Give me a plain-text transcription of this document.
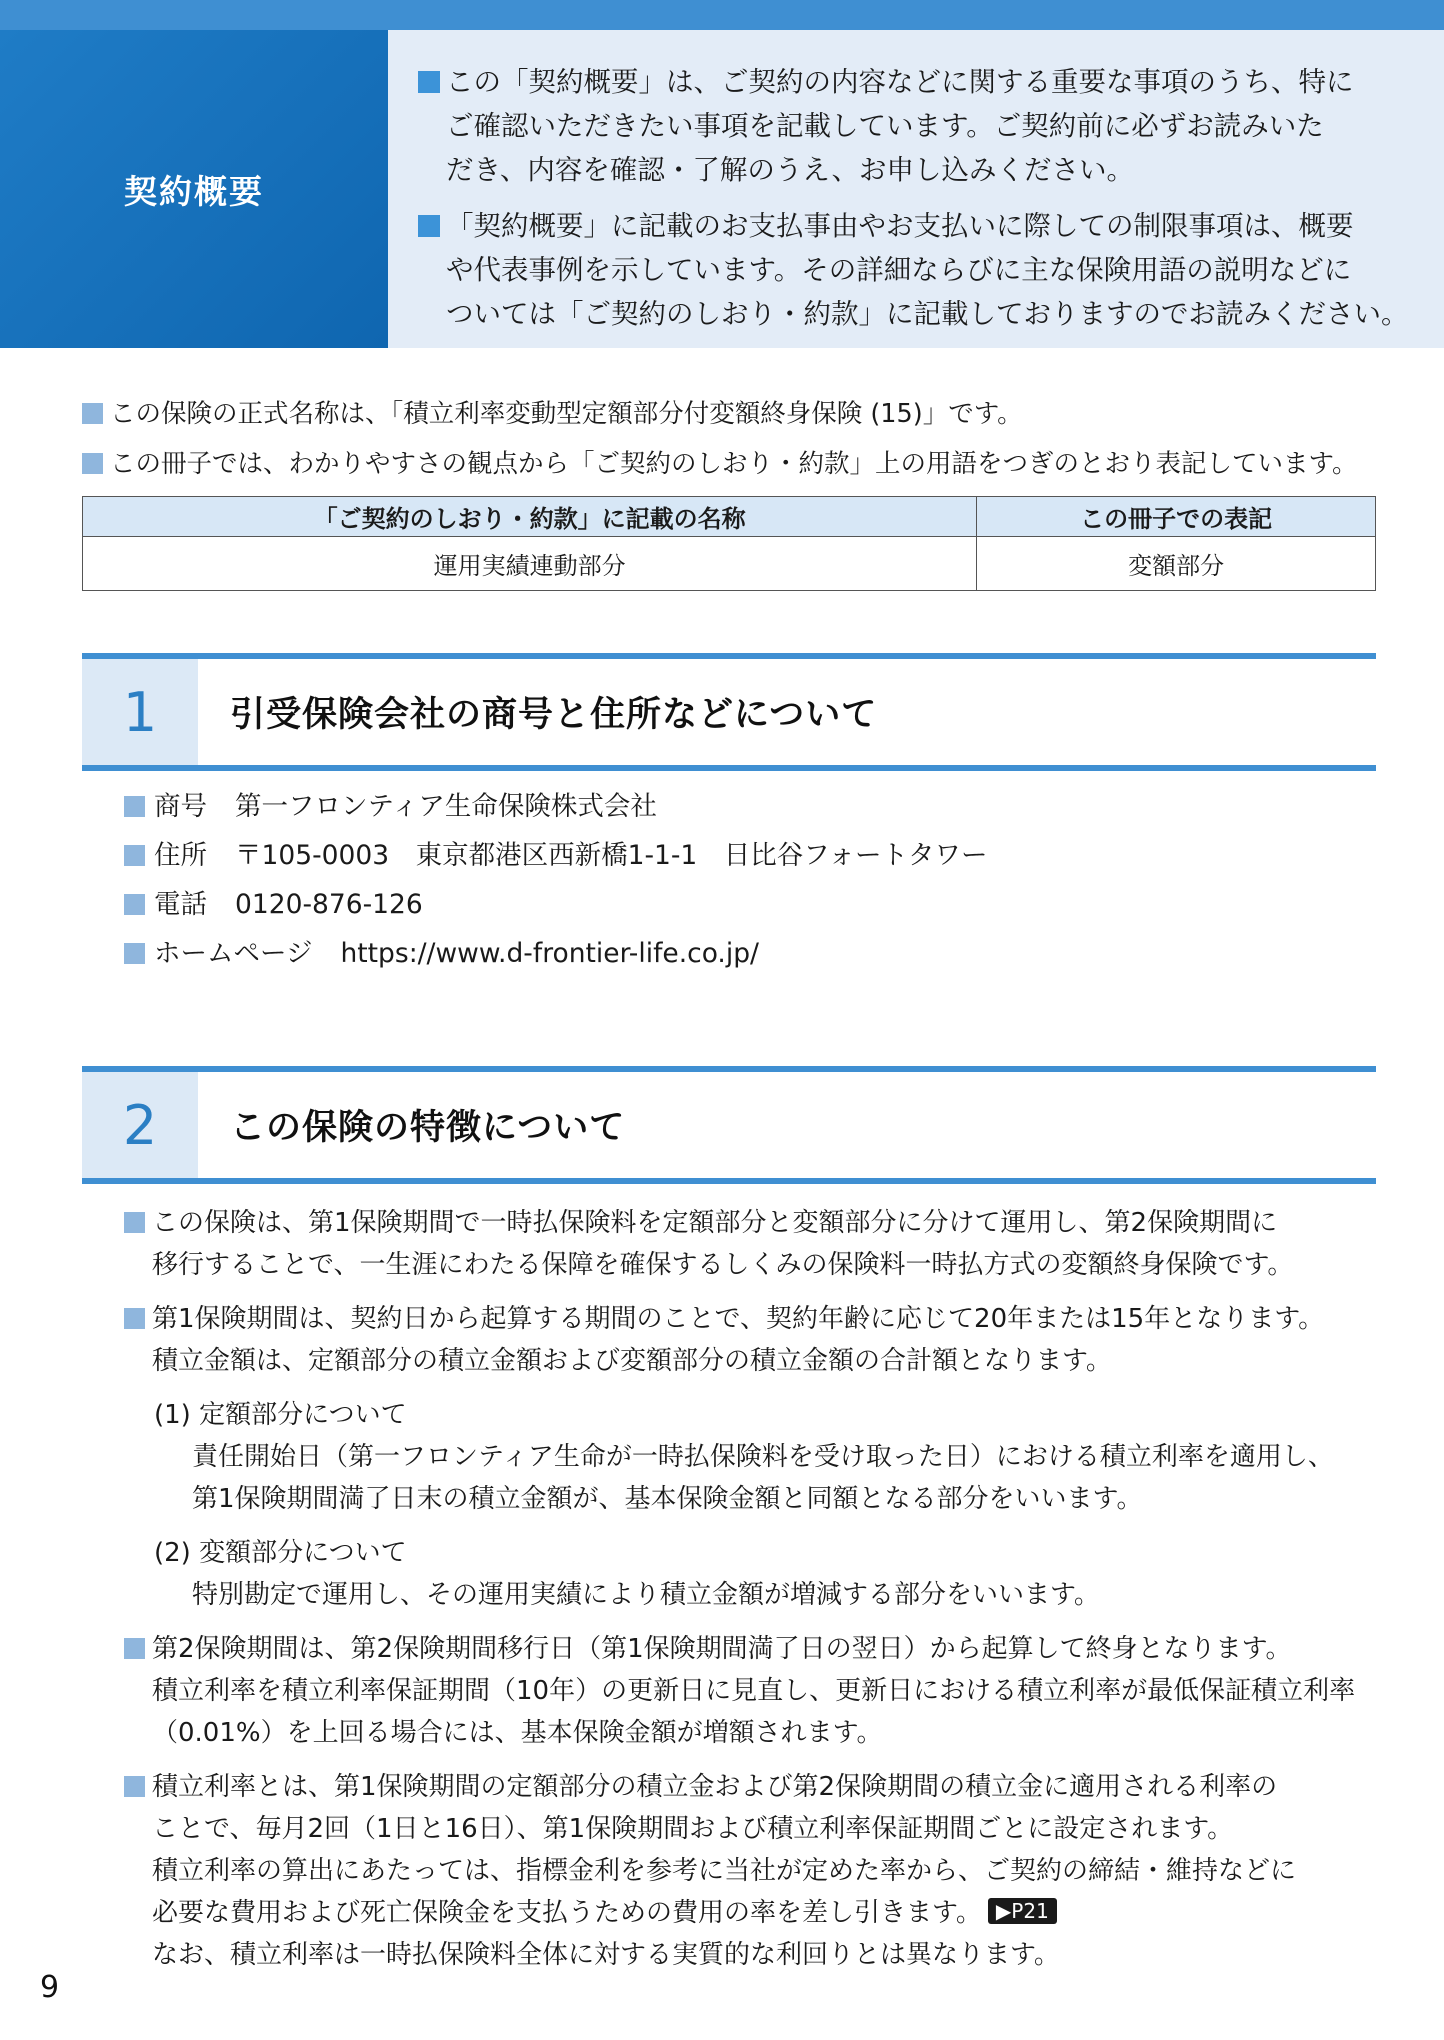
契約概要
この「契約概要」は、ご契約の内容などに関する重要な事項のうち、特に
ご確認いただきたい事項を記載しています。ご契約前に必ずお読みいた
だき、内容を確認・了解のうえ、お申し込みください。
「契約概要」に記載のお支払事由やお支払いに際しての制限事項は、概要
や代表事例を示しています。その詳細ならびに主な保険用語の説明などに
ついては「ご契約のしおり・約款」に記載しておりますのでお読みください。
この保険の正式名称は、「積立利率変動型定額部分付変額終身保険 (15)」です。
この冊子では、わかりやすさの観点から「ご契約のしおり・約款」上の用語をつぎのとおり表記しています。
「ご契約のしおり・約款」に記載の名称	この冊子での表記
運用実績連動部分	変額部分
1	引受保険会社の商号と住所などについて
商号 第一フロンティア生命保険株式会社
住所 〒105-0003　東京都港区西新橋1-1-1　日比谷フォートタワー
電話 0120-876-126
ホームページ https://www.d-frontier-life.co.jp/
2	この保険の特徴について
この保険は、第1保険期間で一時払保険料を定額部分と変額部分に分けて運用し、第2保険期間に
移行することで、一生涯にわたる保障を確保するしくみの保険料一時払方式の変額終身保険です。
第1保険期間は、契約日から起算する期間のことで、契約年齢に応じて20年または15年となります。
積立金額は、定額部分の積立金額および変額部分の積立金額の合計額となります。
(1) 定額部分について
責任開始日（第一フロンティア生命が一時払保険料を受け取った日）における積立利率を適用し、
第1保険期間満了日末の積立金額が、基本保険金額と同額となる部分をいいます。
(2) 変額部分について
特別勘定で運用し、その運用実績により積立金額が増減する部分をいいます。
第2保険期間は、第2保険期間移行日（第1保険期間満了日の翌日）から起算して終身となります。
積立利率を積立利率保証期間（10年）の更新日に見直し、更新日における積立利率が最低保証積立利率
（0.01%）を上回る場合には、基本保険金額が増額されます。
積立利率とは、第1保険期間の定額部分の積立金および第2保険期間の積立金に適用される利率の
ことで、毎月2回（1日と16日）、第1保険期間および積立利率保証期間ごとに設定されます。
積立利率の算出にあたっては、指標金利を参考に当社が定めた率から、ご契約の締結・維持などに
必要な費用および死亡保険金を支払うための費用の率を差し引きます。 ▶P21
なお、積立利率は一時払保険料全体に対する実質的な利回りとは異なります。
9
